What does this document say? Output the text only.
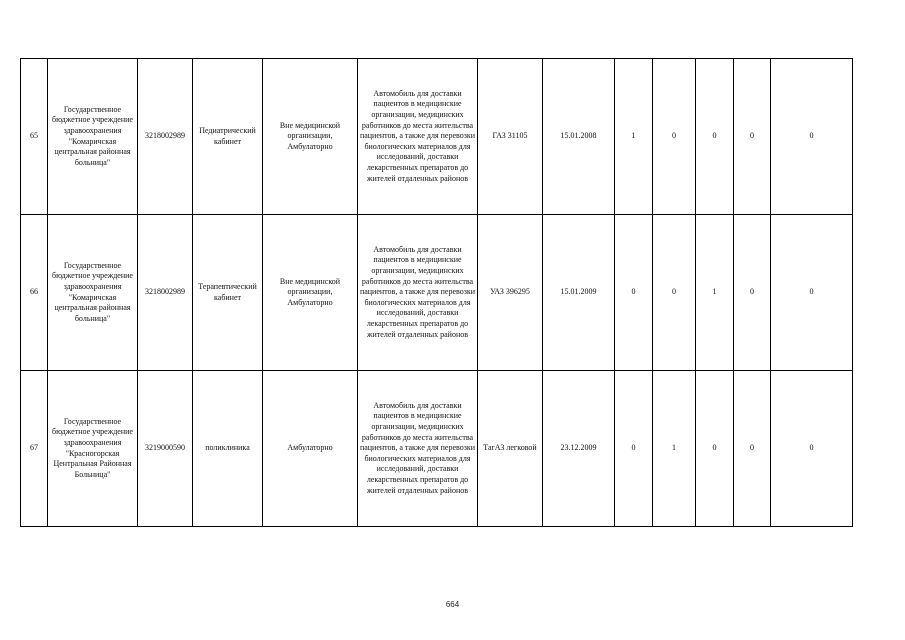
65	Государственное бюджетное учреждение здравоохранения "Комаричская центральная районная больница"	3218002989	Педиатрический кабинет	Вне медицинской организации, Амбулаторно	Автомобиль для доставки пациентов в медицинские организации, медицинских работников до места жительства пациентов, а также для перевозки биологических материалов для исследований, доставки лекарственных препаратов до жителей отдаленных районов	ГАЗ 31105	15.01.2008	1	0	0	0	0
66	Государственное бюджетное учреждение здравоохранения "Комаричская центральная районная больница"	3218002989	Терапевтический кабинет	Вне медицинской организации, Амбулаторно	Автомобиль для доставки пациентов в медицинские организации, медицинских работников до места жительства пациентов, а также для перевозки биологических материалов для исследований, доставки лекарственных препаратов до жителей отдаленных районов	УАЗ 396295	15.01.2009	0	0	1	0	0
67	Государственное бюджетное учреждение здравоохранения "Красногорская Центральная Районная Больница"	3219000590	поликлиника	Амбулаторно	Автомобиль для доставки пациентов в медицинские организации, медицинских работников до места жительства пациентов, а также для перевозки биологических материалов для исследований, доставки лекарственных препаратов до жителей отдаленных районов	ТагАЗ легковой	23.12.2009	0	1	0	0	0
664
